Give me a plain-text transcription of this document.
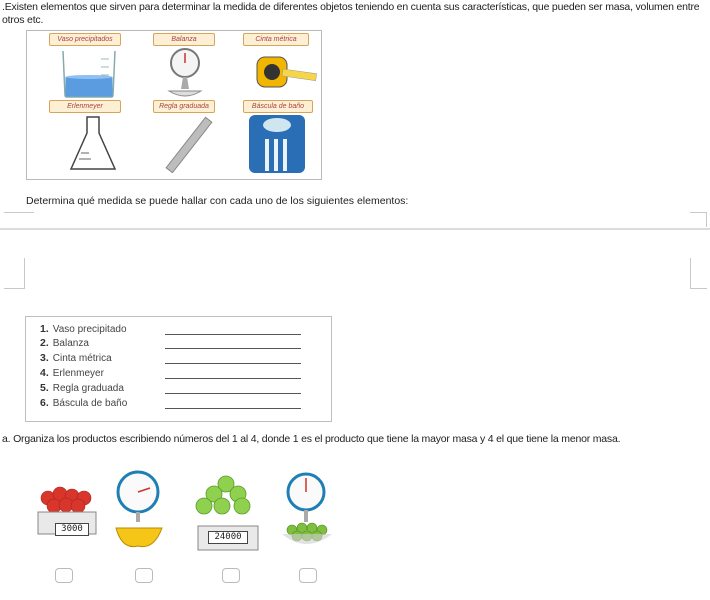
.Existen elementos que sirven para determinar la medida de diferentes objetos teniendo en cuenta sus características, que pueden ser masa, volumen entre otros etc.
Vaso precipitados	Balanza	Cinta métrica
Erlenmeyer	Regla graduada	Báscula de baño
Determina qué medida se puede hallar con cada uno de los siguientes elementos:
1. Vaso precipitado
2. Balanza
3. Cinta métrica
4. Erlenmeyer
5. Regla graduada
6. Báscula de baño
a. Organiza los productos escribiendo números del 1 al 4, donde 1 es el producto que tiene la mayor masa y 4 el que tiene la menor masa.
3000
24000
